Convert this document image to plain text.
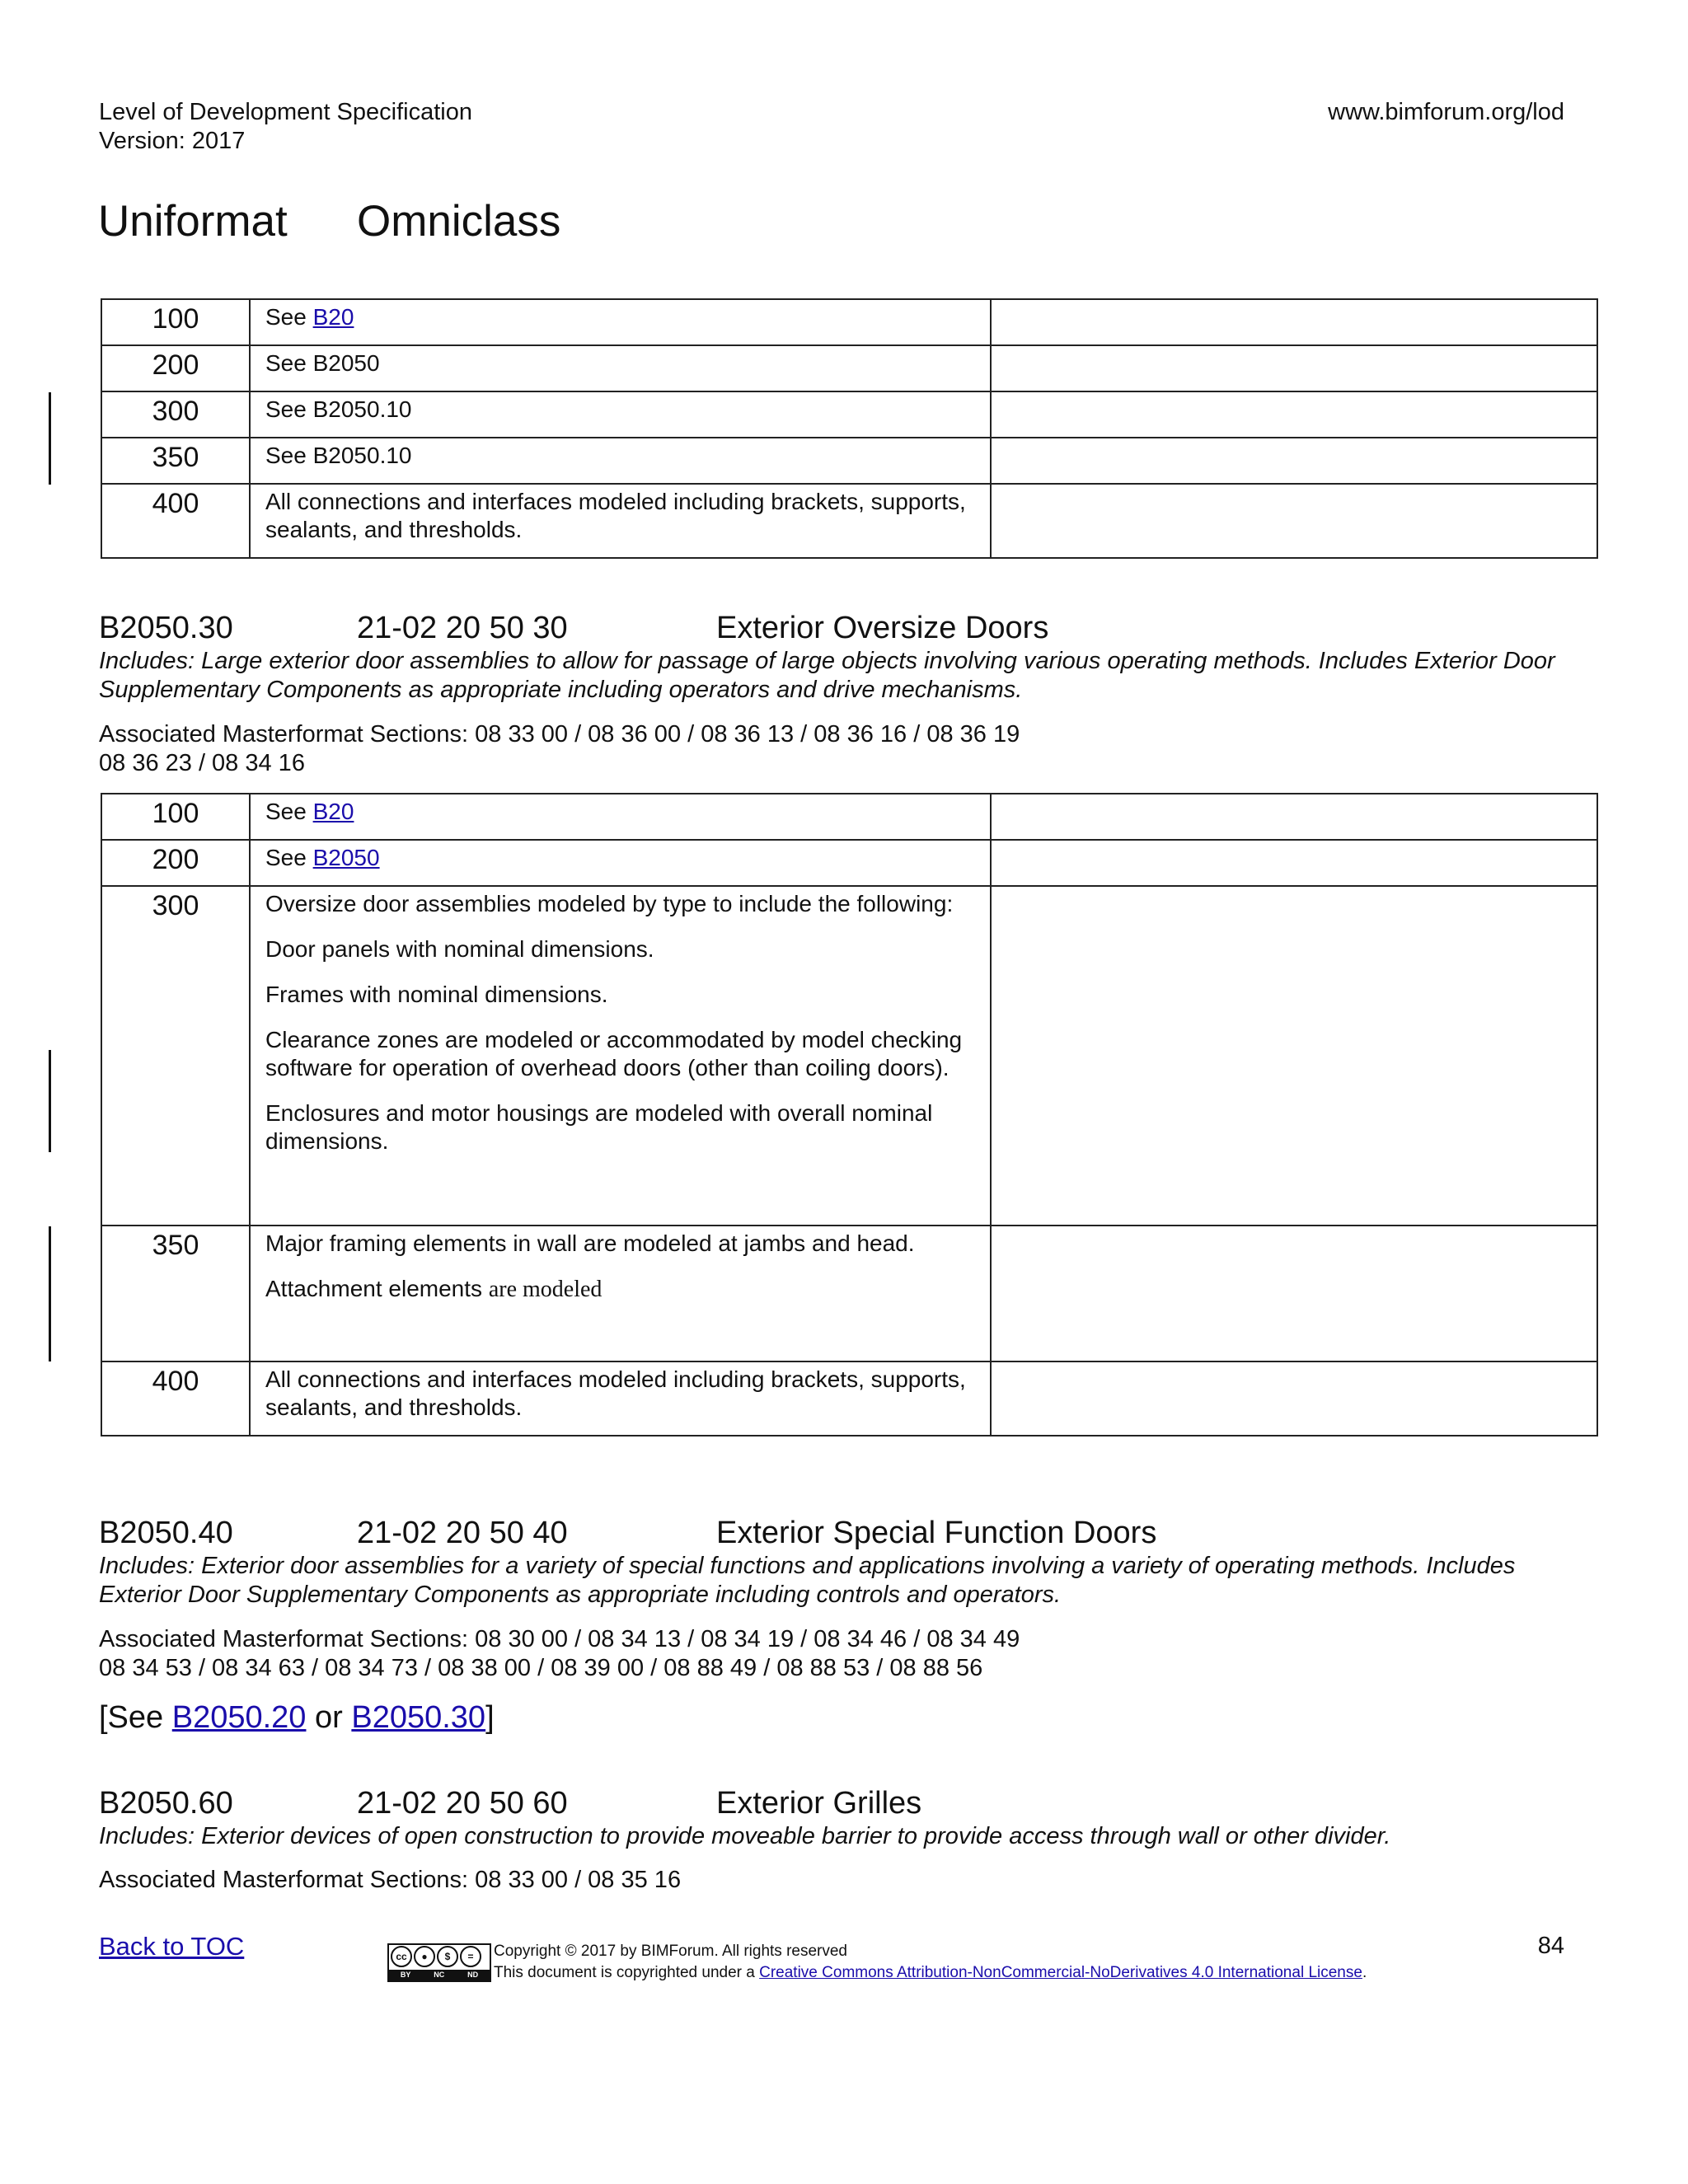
Level of Development Specification
Version: 2017
www.bimforum.org/lod
Uniformat Omniclass
100	See B20	
200	See B2050	
300	See B2050.10	
350	See B2050.10	
400	All connections and interfaces modeled including brackets, supports, sealants, and thresholds.	
B2050.30	21-02 20 50 30	Exterior Oversize Doors
Includes: Large exterior door assemblies to allow for passage of large objects involving various operating methods. Includes Exterior Door Supplementary Components as appropriate including operators and drive mechanisms.
Associated Masterformat Sections: 08 33 00 / 08 36 00 / 08 36 13 / 08 36 16 / 08 36 19
08 36 23 / 08 34 16
100	See B20	
200	See B2050	
300	Oversize door assemblies modeled by type to include the following:

Door panels with nominal dimensions.

Frames with nominal dimensions.

Clearance zones are modeled or accommodated by model checking software for operation of overhead doors (other than coiling doors).

Enclosures and motor housings are modeled with overall nominal dimensions.	

350	Major framing elements in wall are modeled at jambs and head.

Attachment elements are modeled	

400	All connections and interfaces modeled including brackets, supports, sealants, and thresholds.	
B2050.40	21-02 20 50 40	Exterior Special Function Doors
Includes: Exterior door assemblies for a variety of special functions and applications involving a variety of operating methods. Includes Exterior Door Supplementary Components as appropriate including controls and operators.
Associated Masterformat Sections: 08 30 00 / 08 34 13 / 08 34 19 / 08 34 46 / 08 34 49
08 34 53 / 08 34 63 / 08 34 73 / 08 38 00 / 08 39 00 / 08 88 49 / 08 88 53 / 08 88 56
[See B2050.20 or B2050.30]
B2050.60	21-02 20 50 60	Exterior Grilles
Includes: Exterior devices of open construction to provide moveable barrier to provide access through wall or other divider.
Associated Masterformat Sections: 08 33 00 / 08 35 16
Back to TOC	cc	●	$	=
BY	NC	ND
Copyright © 2017 by BIMForum. All rights reserved
This document is copyrighted under a Creative Commons Attribution-NonCommercial-NoDerivatives 4.0 International License.
84
